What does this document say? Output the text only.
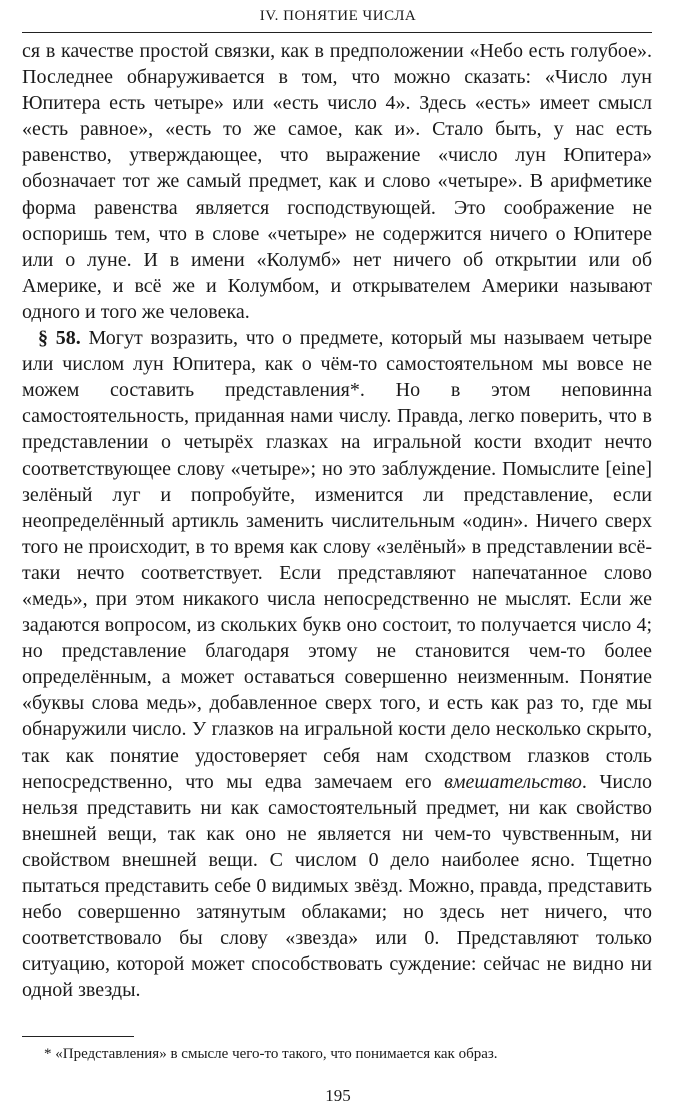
IV. ПОНЯТИЕ ЧИСЛА

ся в качестве простой связки, как в предположении «Небо есть голубое». Последнее обнаруживается в том, что можно сказать: «Число лун Юпитера есть четыре» или «есть число 4». Здесь «есть» имеет смысл «есть равное», «есть то же самое, как и». Стало быть, у нас есть равенство, утверждающее, что выражение «число лун Юпитера» обозначает тот же самый предмет, как и слово «четыре». В арифметике форма равенства является господствующей. Это соображение не оспоришь тем, что в слове «четыре» не содержится ничего о Юпитере или о луне. И в имени «Колумб» нет ничего об открытии или об Америке, и всё же и Колумбом, и открывателем Америки называют одного и того же человека.

§ 58. Могут возразить, что о предмете, который мы называем четыре или числом лун Юпитера, как о чём-то самостоятельном мы вовсе не можем составить представления*. Но в этом неповинна самостоятельность, приданная нами числу. Правда, легко поверить, что в представлении о четырёх глазках на игральной кости входит нечто соответствующее слову «четыре»; но это заблуждение. Помыслите [eine] зелёный луг и попробуйте, изменится ли представление, если неопределённый артикль заменить числительным «один». Ничего сверх того не происходит, в то время как слову «зелёный» в представлении всё-таки нечто соответствует. Если представляют напечатанное слово «медь», при этом никакого числа непосредственно не мыслят. Если же задаются вопросом, из скольких букв оно состоит, то получается число 4; но представление благодаря этому не становится чем-то более определённым, а может оставаться совершенно неизменным. Понятие «буквы слова медь», добавленное сверх того, и есть как раз то, где мы обнаружили число. У глазков на игральной кости дело несколько скрыто, так как понятие удостоверяет себя нам сходством глазков столь непосредственно, что мы едва замечаем его вмешательство. Число нельзя представить ни как самостоятельный предмет, ни как свойство внешней вещи, так как оно не является ни чем-то чувственным, ни свойством внешней вещи. С числом 0 дело наиболее ясно. Тщетно пытаться представить себе 0 видимых звёзд. Можно, правда, представить небо совершенно затянутым облаками; но здесь нет ничего, что соответствовало бы слову «звезда» или 0. Представляют только ситуацию, которой может способствовать суждение: сейчас не видно ни одной звезды.

* «Представления» в смысле чего-то такого, что понимается как образ.
195
